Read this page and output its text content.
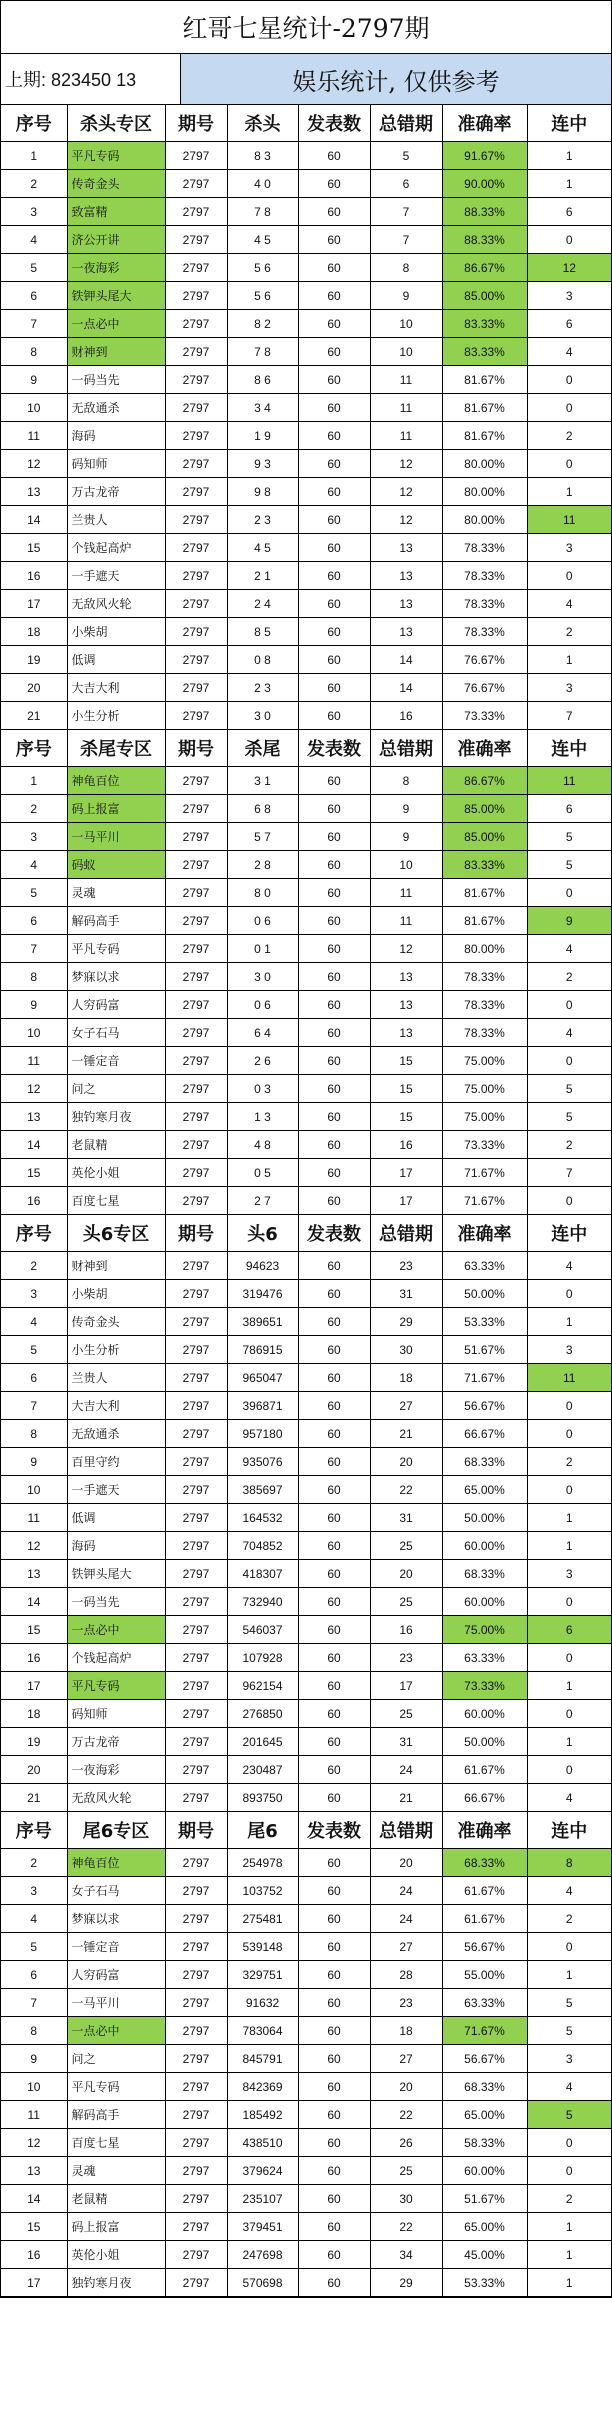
红哥七星统计-2797期
上期: 823450 13	娱乐统计, 仅供参考
序号	杀头专区	期号	杀头	发表数	总错期	准确率	连中
1	平凡专码	2797	8 3	60	5	91.67%	1
2	传奇金头	2797	4 0	60	6	90.00%	1
3	致富精	2797	7 8	60	7	88.33%	6
4	济公开讲	2797	4 5	60	7	88.33%	0
5	一夜海彩	2797	5 6	60	8	86.67%	12
6	铁钾头尾大	2797	5 6	60	9	85.00%	3
7	一点必中	2797	8 2	60	10	83.33%	6
8	财神到	2797	7 8	60	10	83.33%	4
9	一码当先	2797	8 6	60	11	81.67%	0
10	无敌通杀	2797	3 4	60	11	81.67%	0
11	海码	2797	1 9	60	11	81.67%	2
12	码知师	2797	9 3	60	12	80.00%	0
13	万古龙帝	2797	9 8	60	12	80.00%	1
14	兰贵人	2797	2 3	60	12	80.00%	11
15	个钱起高炉	2797	4 5	60	13	78.33%	3
16	一手遮天	2797	2 1	60	13	78.33%	0
17	无敌风火轮	2797	2 4	60	13	78.33%	4
18	小柴胡	2797	8 5	60	13	78.33%	2
19	低调	2797	0 8	60	14	76.67%	1
20	大吉大利	2797	2 3	60	14	76.67%	3
21	小生分析	2797	3 0	60	16	73.33%	7
序号	杀尾专区	期号	杀尾	发表数	总错期	准确率	连中
1	神龟百位	2797	3 1	60	8	86.67%	11
2	码上报富	2797	6 8	60	9	85.00%	6
3	一马平川	2797	5 7	60	9	85.00%	5
4	码蚁	2797	2 8	60	10	83.33%	5
5	灵魂	2797	8 0	60	11	81.67%	0
6	解码高手	2797	0 6	60	11	81.67%	9
7	平凡专码	2797	0 1	60	12	80.00%	4
8	梦寐以求	2797	3 0	60	13	78.33%	2
9	人穷码富	2797	0 6	60	13	78.33%	0
10	女子石马	2797	6 4	60	13	78.33%	4
11	一锤定音	2797	2 6	60	15	75.00%	0
12	问之	2797	0 3	60	15	75.00%	5
13	独钓寒月夜	2797	1 3	60	15	75.00%	5
14	老鼠精	2797	4 8	60	16	73.33%	2
15	英伦小姐	2797	0 5	60	17	71.67%	7
16	百度七星	2797	2 7	60	17	71.67%	0
序号	头6专区	期号	头6	发表数	总错期	准确率	连中
2	财神到	2797	94623	60	23	63.33%	4
3	小柴胡	2797	319476	60	31	50.00%	0
4	传奇金头	2797	389651	60	29	53.33%	1
5	小生分析	2797	786915	60	30	51.67%	3
6	兰贵人	2797	965047	60	18	71.67%	11
7	大吉大利	2797	396871	60	27	56.67%	0
8	无敌通杀	2797	957180	60	21	66.67%	0
9	百里守约	2797	935076	60	20	68.33%	2
10	一手遮天	2797	385697	60	22	65.00%	0
11	低调	2797	164532	60	31	50.00%	1
12	海码	2797	704852	60	25	60.00%	1
13	铁钾头尾大	2797	418307	60	20	68.33%	3
14	一码当先	2797	732940	60	25	60.00%	0
15	一点必中	2797	546037	60	16	75.00%	6
16	个钱起高炉	2797	107928	60	23	63.33%	0
17	平凡专码	2797	962154	60	17	73.33%	1
18	码知师	2797	276850	60	25	60.00%	0
19	万古龙帝	2797	201645	60	31	50.00%	1
20	一夜海彩	2797	230487	60	24	61.67%	0
21	无敌风火轮	2797	893750	60	21	66.67%	4
序号	尾6专区	期号	尾6	发表数	总错期	准确率	连中
2	神龟百位	2797	254978	60	20	68.33%	8
3	女子石马	2797	103752	60	24	61.67%	4
4	梦寐以求	2797	275481	60	24	61.67%	2
5	一锤定音	2797	539148	60	27	56.67%	0
6	人穷码富	2797	329751	60	28	55.00%	1
7	一马平川	2797	91632	60	23	63.33%	5
8	一点必中	2797	783064	60	18	71.67%	5
9	问之	2797	845791	60	27	56.67%	3
10	平凡专码	2797	842369	60	20	68.33%	4
11	解码高手	2797	185492	60	22	65.00%	5
12	百度七星	2797	438510	60	26	58.33%	0
13	灵魂	2797	379624	60	25	60.00%	0
14	老鼠精	2797	235107	60	30	51.67%	2
15	码上报富	2797	379451	60	22	65.00%	1
16	英伦小姐	2797	247698	60	34	45.00%	1
17	独钓寒月夜	2797	570698	60	29	53.33%	1
